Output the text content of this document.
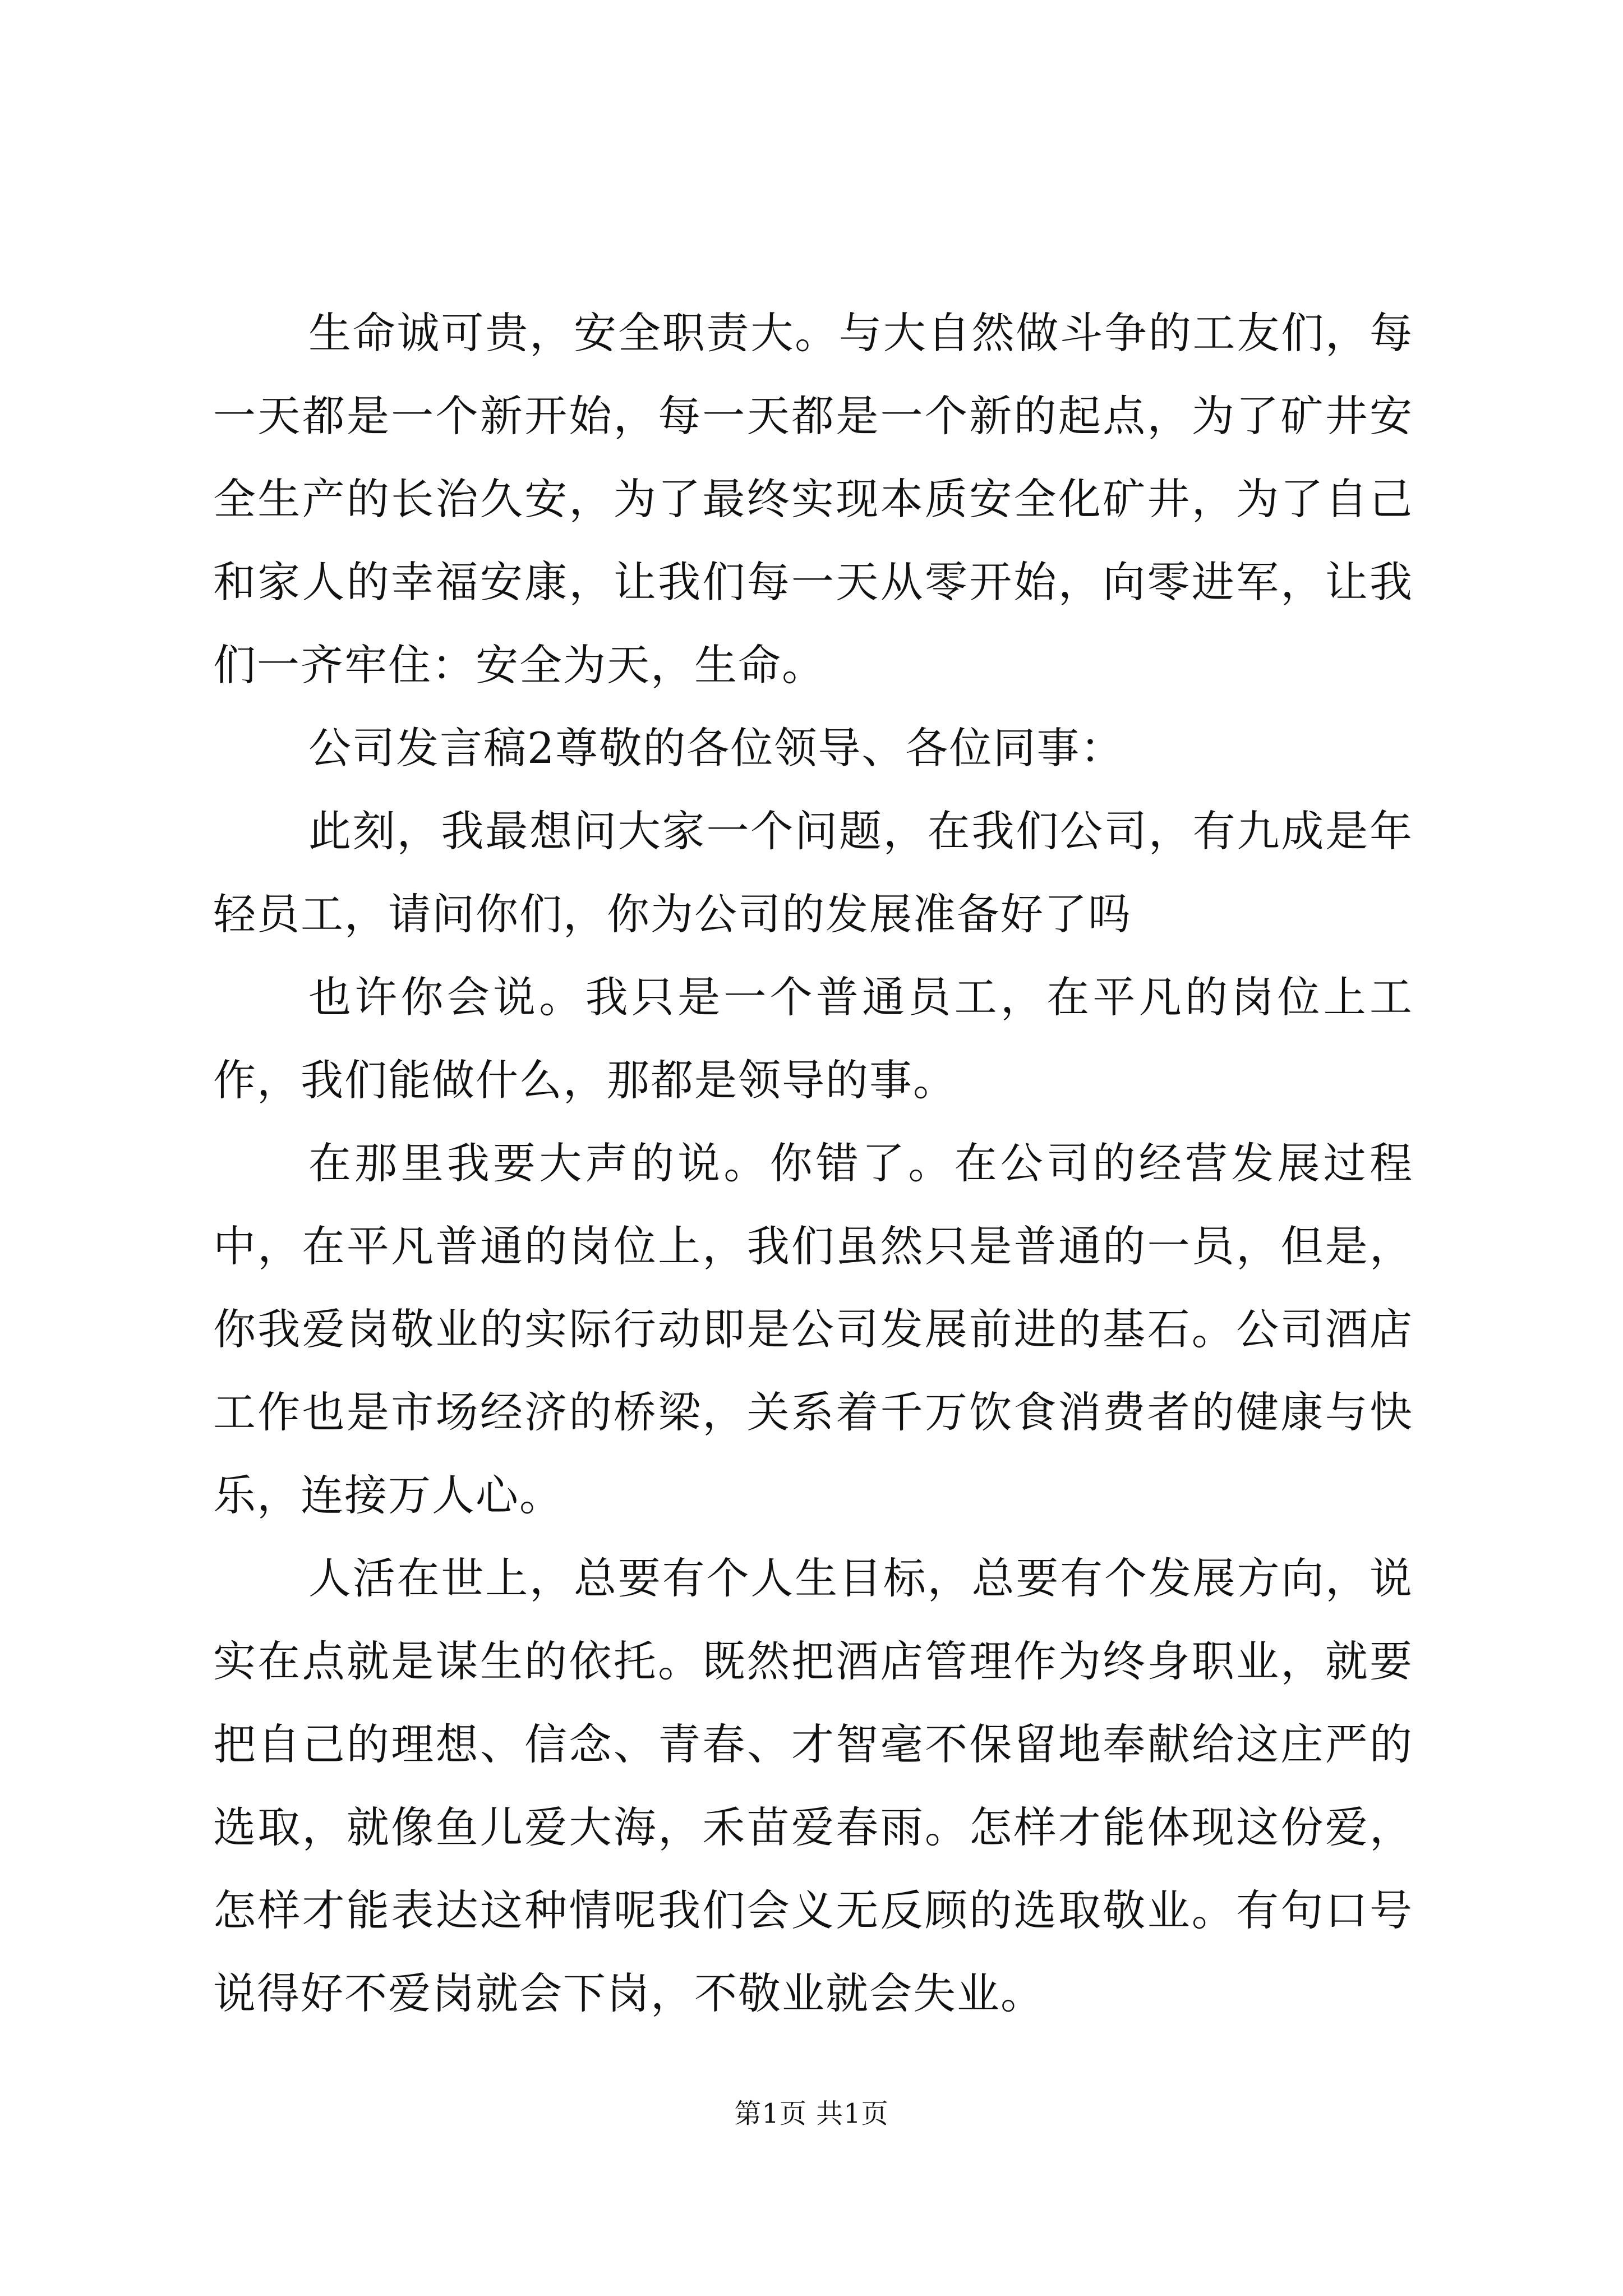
生命诚可贵，安全职责大。与大自然做斗争的工友们，每一天都是一个新开始，每一天都是一个新的起点，为了矿井安全生产的长治久安，为了最终实现本质安全化矿井，为了自己和家人的幸福安康，让我们每一天从零开始，向零进军，让我们一齐牢住：安全为天，生命。

公司发言稿2尊敬的各位领导、各位同事：

此刻，我最想问大家一个问题，在我们公司，有九成是年轻员工，请问你们，你为公司的发展准备好了吗

也许你会说。我只是一个普通员工，在平凡的岗位上工作，我们能做什么，那都是领导的事。

在那里我要大声的说。你错了。在公司的经营发展过程中，在平凡普通的岗位上，我们虽然只是普通的一员，但是，你我爱岗敬业的实际行动即是公司发展前进的基石。公司酒店工作也是市场经济的桥梁，关系着千万饮食消费者的健康与快乐，连接万人心。

人活在世上，总要有个人生目标，总要有个发展方向，说实在点就是谋生的依托。既然把酒店管理作为终身职业，就要把自己的理想、信念、青春、才智毫不保留地奉献给这庄严的选取，就像鱼儿爱大海，禾苗爱春雨。怎样才能体现这份爱，怎样才能表达这种情呢我们会义无反顾的选取敬业。有句口号说得好不爱岗就会下岗，不敬业就会失业。

第1页 共1页
